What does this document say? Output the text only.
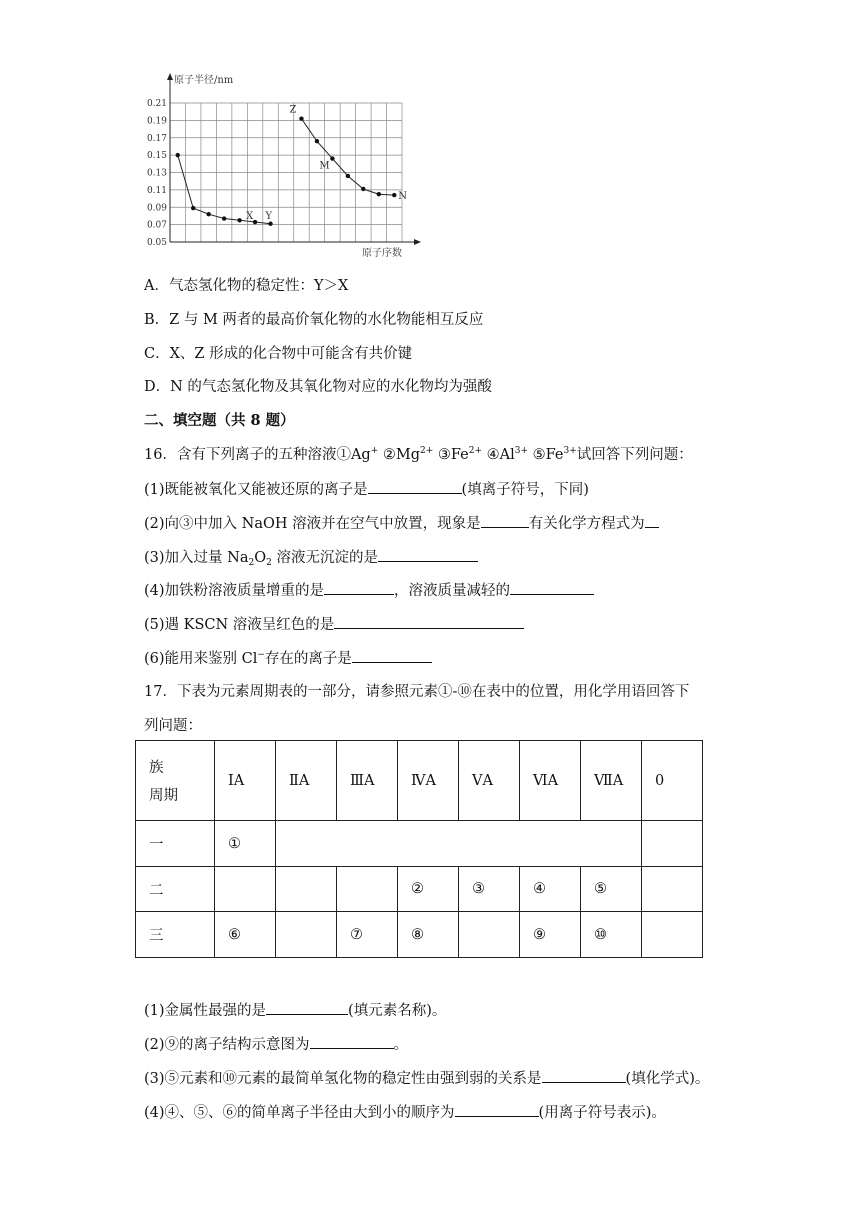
0.21
0.19
0.17
0.15
0.13
0.11
0.09
0.07
0.05
X Y
Z
M
N
原子半径/nm
原子序数
A．气态氢化物的稳定性：Y＞X
B．Z 与 M 两者的最高价氧化物的水化物能相互反应
C．X、Z 形成的化合物中可能含有共价键
D．N 的气态氢化物及其氧化物对应的水化物均为强酸
二、填空题（共 8 题）
16．含有下列离子的五种溶液①Ag+ $②Mg^{2+}$ $③Fe^{2+}$ $④Al^{3+}$ $⑤Fe^{3+}$试回答下列问题：
(1)既能被氧化又能被还原的离子是	(填离子符号，下同)
(2)向③中加入 NaOH 溶液并在空气中放置，现象是	有关化学方程式为
(3)加入过量 $Na_2O_2$ 溶液无沉淀的是
(4)加铁粉溶液质量增重的是	，溶液质量减轻的
(5)遇 KSCN 溶液呈红色的是
(6)能用来鉴别 Cl−存在的离子是
17．下表为元素周期表的一部分，请参照元素①-⑩在表中的位置，用化学用语回答下
列问题：
族
周期	ⅠA	ⅡA	ⅢA	ⅣA	ⅤA	ⅥA	ⅦA	0
一	①							
二				②	③	④	⑤	
三	⑥		⑦	⑧		⑨	⑩	
(1)金属性最强的是	(填元素名称)。
(2)⑨的离子结构示意图为	。
(3)⑤元素和⑩元素的最简单氢化物的稳定性由强到弱的关系是	(填化学式)。
(4)④、⑤、⑥的简单离子半径由大到小的顺序为	(用离子符号表示)。
